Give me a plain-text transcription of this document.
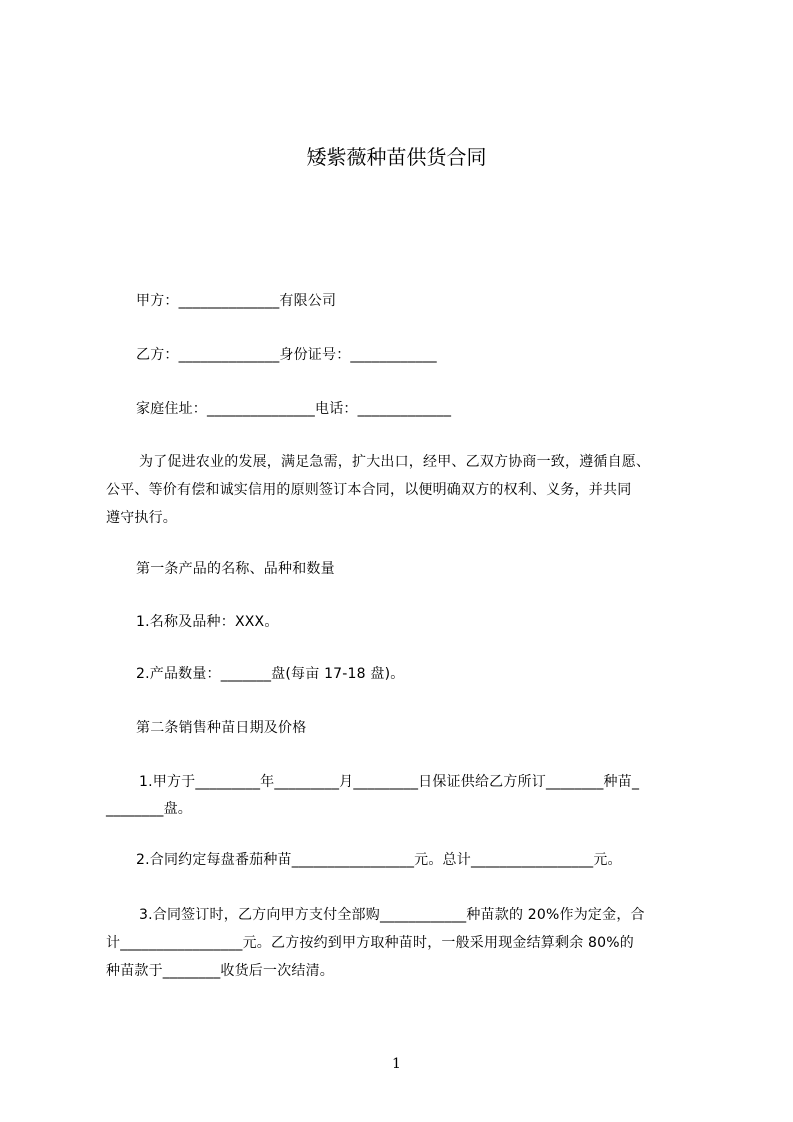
矮紫薇种苗供货合同
甲方：______________有限公司
乙方：______________身份证号：____________
家庭住址：_______________电话：_____________
为了促进农业的发展，满足急需，扩大出口，经甲、乙双方协商一致，遵循自愿、
公平、等价有偿和诚实信用的原则签订本合同，以便明确双方的权利、义务，并共同
遵守执行。
第一条产品的名称、品种和数量
1.名称及品种：XXX。
2.产品数量：_______盘(每亩 17-18 盘)。
第二条销售种苗日期及价格
1.甲方于_________年_________月_________日保证供给乙方所订________种苗_
________盘。
2.合同约定每盘番茄种苗_________________元。总计_________________元。
3.合同签订时，乙方向甲方支付全部购____________种苗款的 20%作为定金，合
计_________________元。乙方按约到甲方取种苗时，一般采用现金结算剩余 80%的
种苗款于________收货后一次结清。
1
